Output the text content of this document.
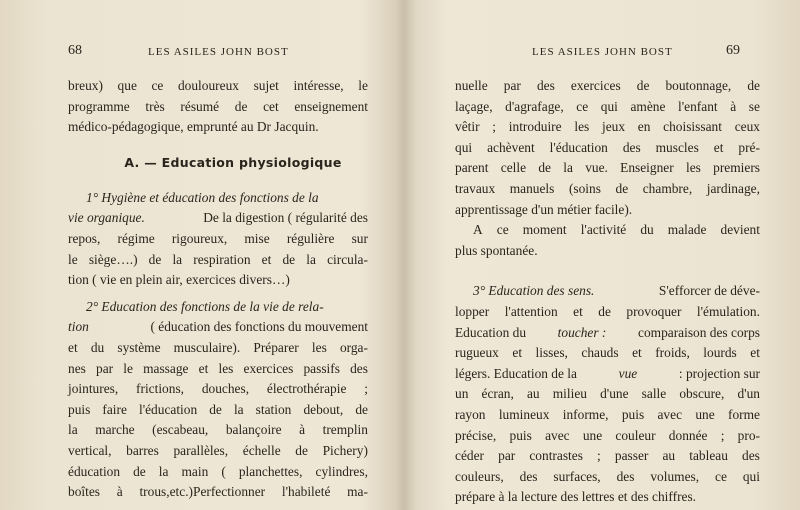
68	LES ASILES JOHN BOST
breux) que ce douloureux sujet intéresse, le
programme très résumé de cet enseignement
médico-pédagogique, emprunté au Dr Jacquin.
A. — Education physiologique
1° Hygiène et éducation des fonctions de la
vie organique.
	De la digestion ( régularité des
repos, régime rigoureux, mise régulière sur
le siège….) de la respiration et de la circula-
tion ( vie en plein air, exercices divers…)
2° Education des fonctions de la vie de rela-
tion
	( éducation des fonctions du mouvement
et du système musculaire). Préparer les orga-
nes par le massage et les exercices passifs des
jointures, frictions, douches, électrothérapie ;
puis faire l'éducation de la station debout, de
la marche (escabeau, balançoire à tremplin
vertical, barres parallèles, échelle de Pichery)
éducation de la main ( planchettes, cylindres,
boîtes à trous,etc.)Perfectionner l'habileté ma-
LES ASILES JOHN BOST	69
nuelle par des exercices de boutonnage, de
laçage, d'agrafage, ce qui amène l'enfant à se
vêtir ; introduire les jeux en choisissant ceux
qui achèvent l'éducation des muscles et pré-
parent celle de la vue. Enseigner les premiers
travaux manuels (soins de chambre, jardinage,
apprentissage d'un métier facile).
A ce moment l'activité du malade devient
plus spontanée.
3° Education des sens.
	S'efforcer de déve-
lopper l'attention et de provoquer l'émulation.
Education du toucher : comparaison des corps
rugueux et lisses, chauds et froids, lourds et
légers. Education de la	vue	: projection sur
un écran, au milieu d'une salle obscure, d'un
rayon lumineux informe, puis avec une forme
précise, puis avec une couleur donnée ; pro-
céder par contrastes ; passer au tableau des
couleurs, des surfaces, des volumes, ce qui
prépare à la lecture des lettres et des chiffres.
